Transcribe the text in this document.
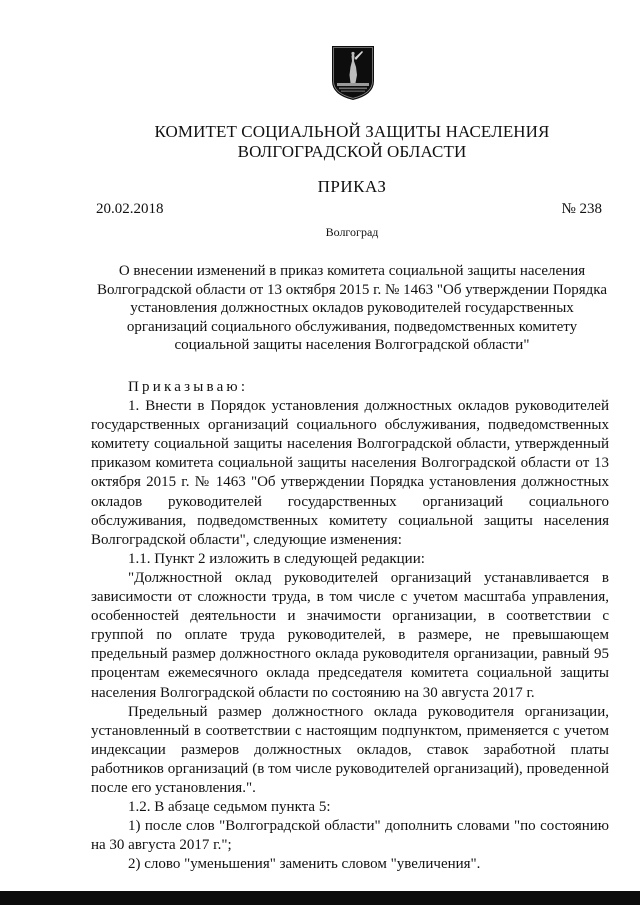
КОМИТЕТ СОЦИАЛЬНОЙ ЗАЩИТЫ НАСЕЛЕНИЯ
ВОЛГОГРАДСКОЙ ОБЛАСТИ
ПРИКАЗ
20.02.2018	№ 238
Волгоград
О внесении изменений в приказ комитета социальной защиты населения
Волгоградской области от 13 октября 2015 г. № 1463 "Об утверждении Порядка
установления должностных окладов руководителей государственных
организаций социального обслуживания, подведомственных комитету
социальной защиты населения Волгоградской области"

Приказываю:

1. Внести в Порядок установления должностных окладов руководителей государственных организаций социального обслуживания, подведомственных комитету социальной защиты населения Волгоградской области, утвержденный приказом комитета социальной защиты населения Волгоградской области от 13 октября 2015 г. № 1463 "Об утверждении Порядка установления должностных окладов руководителей государственных организаций социального обслуживания, подведомственных комитету социальной защиты населения Волгоградской области", следующие изменения:

1.1. Пункт 2 изложить в следующей редакции:

"Должностной оклад руководителей организаций устанавливается в зависимости от сложности труда, в том числе с учетом масштаба управления, особенностей деятельности и значимости организации, в соответствии с группой по оплате труда руководителей, в размере, не превышающем предельный размер должностного оклада руководителя организации, равный 95 процентам ежемесячного оклада председателя комитета социальной защиты населения Волгоградской области по состоянию на 30 августа 2017 г.

Предельный размер должностного оклада руководителя организации, установленный в соответствии с настоящим подпунктом, применяется с учетом индексации размеров должностных окладов, ставок заработной платы работников организаций (в том числе руководителей организаций), проведенной после его установления.".

1.2. В абзаце седьмом пункта 5:

1) после слов "Волгоградской области" дополнить словами "по состоянию на 30 августа 2017 г.";

2) слово "уменьшения" заменить словом "увеличения".
